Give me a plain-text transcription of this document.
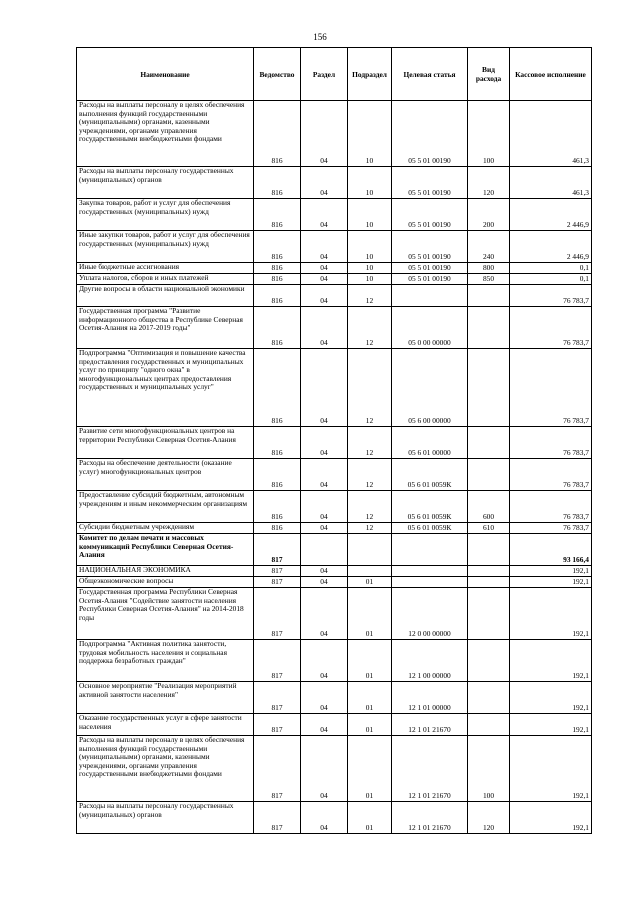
156
Наименование	Ведомство	Раздел	Подраздел	Целевая статья	Вид расхода	Кассовое исполнение
Расходы на выплаты персоналу в целях обеспечения выполнения функций государственными (муниципальными) органами, казенными учреждениями, органами управления государственными внебюджетными фондами	816	04	10	05 5 01 00190	100	461,3
Расходы на выплаты персоналу государственных (муниципальных) органов	816	04	10	05 5 01 00190	120	461,3
Закупка товаров, работ и услуг для обеспечения государственных (муниципальных) нужд	816	04	10	05 5 01 00190	200	2 446,9
Иные закупки товаров, работ и услуг для обеспечения государственных (муниципальных) нужд	816	04	10	05 5 01 00190	240	2 446,9
Иные бюджетные ассигнования	816	04	10	05 5 01 00190	800	0,1
Уплата налогов, сборов и иных платежей	816	04	10	05 5 01 00190	850	0,1
Другие вопросы в области национальной экономики	816	04	12			76 783,7
Государственная программа "Развитие информационного общества в Республике Северная Осетия-Алания на 2017-2019 годы"	816	04	12	05 0 00 00000		76 783,7
Подпрограмма "Оптимизация и повышение качества предоставления государственных и муниципальных услуг по принципу "одного окна" в многофункциональных центрах предоставления государственных и муниципальных услуг"	816	04	12	05 6 00 00000		76 783,7
Развитие сети многофункциональных центров на территории Республики Северная Осетия-Алания	816	04	12	05 6 01 00000		76 783,7
Расходы на обеспечение деятельности (оказание услуг) многофункциональных центров	816	04	12	05 6 01 0059К		76 783,7
Предоставление субсидий бюджетным, автономным учреждениям и иным некоммерческим организациям	816	04	12	05 6 01 0059К	600	76 783,7
Субсидии бюджетным учреждениям	816	04	12	05 6 01 0059К	610	76 783,7
Комитет по делам печати и массовых коммуникаций Республики Северная Осетия-Алания	817					93 166,4
НАЦИОНАЛЬНАЯ ЭКОНОМИКА	817	04				192,1
Общеэкономические вопросы	817	04	01			192,1
Государственная программа Республики Северная Осетия-Алания "Содействие занятости населения Республики Северная Осетия-Алания" на 2014-2018 годы	817	04	01	12 0 00 00000		192,1
Подпрограмма "Активная политика занятости, трудовая мобильность населения и социальная поддержка безработных граждан"	817	04	01	12 1 00 00000		192,1
Основное мероприятие "Реализация мероприятий активной занятости населения"	817	04	01	12 1 01 00000		192,1
Оказание государственных услуг в сфере занятости населения	817	04	01	12 1 01 21670		192,1
Расходы на выплаты персоналу в целях обеспечения выполнения функций государственными (муниципальными) органами, казенными учреждениями, органами управления государственными внебюджетными фондами	817	04	01	12 1 01 21670	100	192,1
Расходы на выплаты персоналу государственных (муниципальных) органов	817	04	01	12 1 01 21670	120	192,1
